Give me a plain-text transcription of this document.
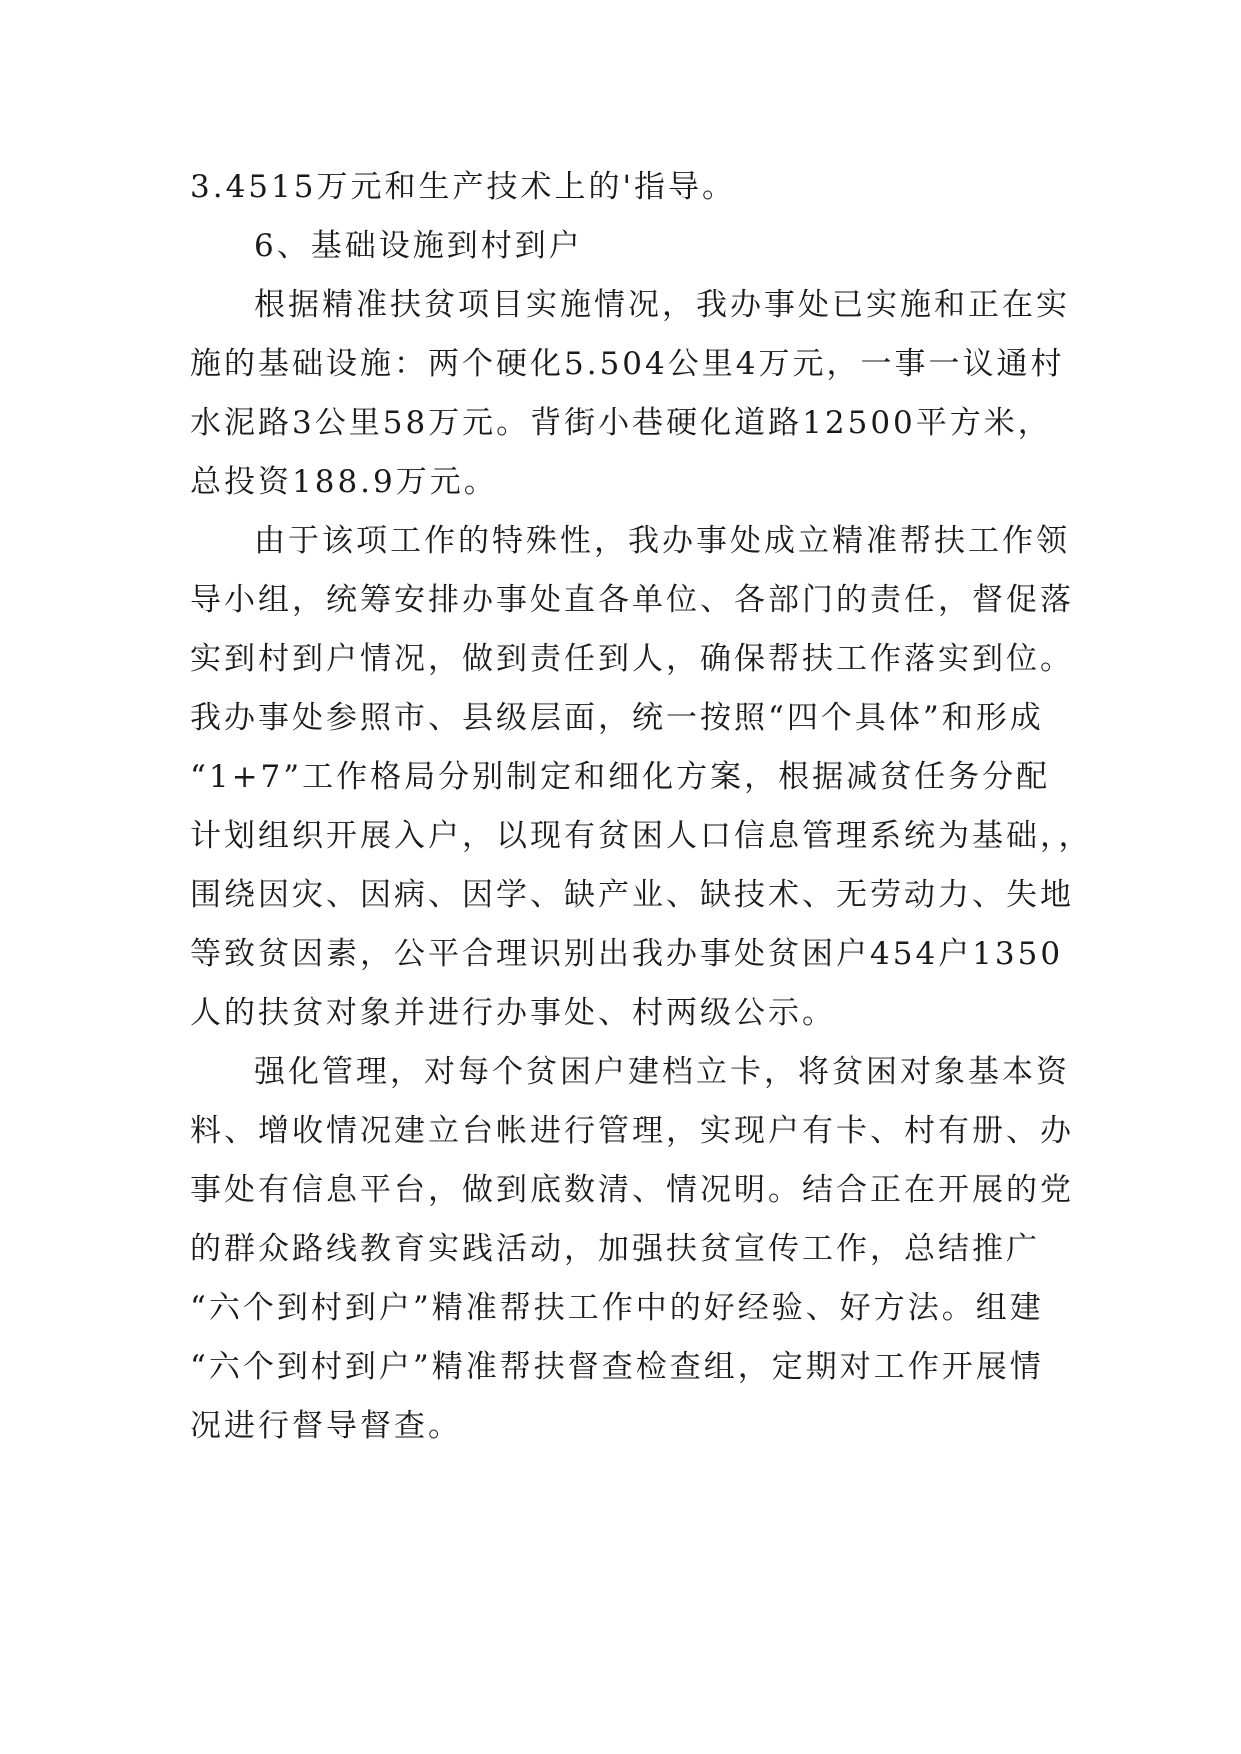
3.4515万元和生产技术上的'指导。
6、基础设施到村到户
根据精准扶贫项目实施情况，我办事处已实施和正在实
施的基础设施：两个硬化5.504公里4万元，一事一议通村
水泥路3公里58万元。背街小巷硬化道路12500平方米，
总投资188.9万元。
由于该项工作的特殊性，我办事处成立精准帮扶工作领
导小组，统筹安排办事处直各单位、各部门的责任，督促落
实到村到户情况，做到责任到人，确保帮扶工作落实到位。
我办事处参照市、县级层面，统一按照“四个具体”和形成
“1+7”工作格局分别制定和细化方案，根据减贫任务分配
计划组织开展入户，以现有贫困人口信息管理系统为基础，，
围绕因灾、因病、因学、缺产业、缺技术、无劳动力、失地
等致贫因素，公平合理识别出我办事处贫困户454户1350
人的扶贫对象并进行办事处、村两级公示。
强化管理，对每个贫困户建档立卡，将贫困对象基本资
料、增收情况建立台帐进行管理，实现户有卡、村有册、办
事处有信息平台，做到底数清、情况明。结合正在开展的党
的群众路线教育实践活动，加强扶贫宣传工作，总结推广
“六个到村到户”精准帮扶工作中的好经验、好方法。组建
“六个到村到户”精准帮扶督查检查组，定期对工作开展情
况进行督导督查。
